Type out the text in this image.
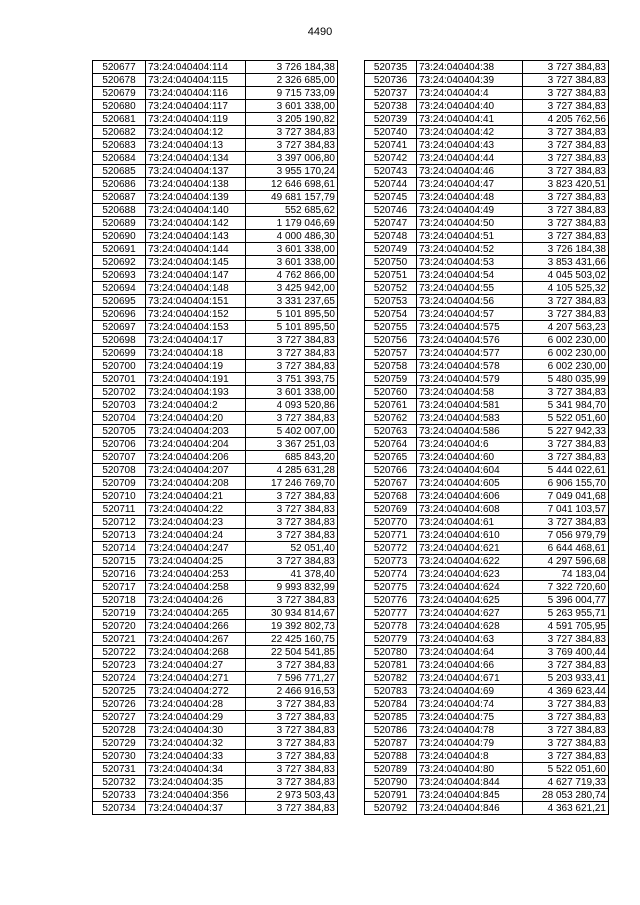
4490
520677	73:24:040404:114	3 726 184,38
520678	73:24:040404:115	2 326 685,00
520679	73:24:040404:116	9 715 733,09
520680	73:24:040404:117	3 601 338,00
520681	73:24:040404:119	3 205 190,82
520682	73:24:040404:12	3 727 384,83
520683	73:24:040404:13	3 727 384,83
520684	73:24:040404:134	3 397 006,80
520685	73:24:040404:137	3 955 170,24
520686	73:24:040404:138	12 646 698,61
520687	73:24:040404:139	49 681 157,79
520688	73:24:040404:140	552 685,62
520689	73:24:040404:142	1 179 046,69
520690	73:24:040404:143	4 000 486,30
520691	73:24:040404:144	3 601 338,00
520692	73:24:040404:145	3 601 338,00
520693	73:24:040404:147	4 762 866,00
520694	73:24:040404:148	3 425 942,00
520695	73:24:040404:151	3 331 237,65
520696	73:24:040404:152	5 101 895,50
520697	73:24:040404:153	5 101 895,50
520698	73:24:040404:17	3 727 384,83
520699	73:24:040404:18	3 727 384,83
520700	73:24:040404:19	3 727 384,83
520701	73:24:040404:191	3 751 393,75
520702	73:24:040404:193	3 601 338,00
520703	73:24:040404:2	4 093 520,86
520704	73:24:040404:20	3 727 384,83
520705	73:24:040404:203	5 402 007,00
520706	73:24:040404:204	3 367 251,03
520707	73:24:040404:206	685 843,20
520708	73:24:040404:207	4 285 631,28
520709	73:24:040404:208	17 246 769,70
520710	73:24:040404:21	3 727 384,83
520711	73:24:040404:22	3 727 384,83
520712	73:24:040404:23	3 727 384,83
520713	73:24:040404:24	3 727 384,83
520714	73:24:040404:247	52 051,40
520715	73:24:040404:25	3 727 384,83
520716	73:24:040404:253	41 378,40
520717	73:24:040404:258	9 993 832,99
520718	73:24:040404:26	3 727 384,83
520719	73:24:040404:265	30 934 814,67
520720	73:24:040404:266	19 392 802,73
520721	73:24:040404:267	22 425 160,75
520722	73:24:040404:268	22 504 541,85
520723	73:24:040404:27	3 727 384,83
520724	73:24:040404:271	7 596 771,27
520725	73:24:040404:272	2 466 916,53
520726	73:24:040404:28	3 727 384,83
520727	73:24:040404:29	3 727 384,83
520728	73:24:040404:30	3 727 384,83
520729	73:24:040404:32	3 727 384,83
520730	73:24:040404:33	3 727 384,83
520731	73:24:040404:34	3 727 384,83
520732	73:24:040404:35	3 727 384,83
520733	73:24:040404:356	2 973 503,43
520734	73:24:040404:37	3 727 384,83
520735	73:24:040404:38	3 727 384,83
520736	73:24:040404:39	3 727 384,83
520737	73:24:040404:4	3 727 384,83
520738	73:24:040404:40	3 727 384,83
520739	73:24:040404:41	4 205 762,56
520740	73:24:040404:42	3 727 384,83
520741	73:24:040404:43	3 727 384,83
520742	73:24:040404:44	3 727 384,83
520743	73:24:040404:46	3 727 384,83
520744	73:24:040404:47	3 823 420,51
520745	73:24:040404:48	3 727 384,83
520746	73:24:040404:49	3 727 384,83
520747	73:24:040404:50	3 727 384,83
520748	73:24:040404:51	3 727 384,83
520749	73:24:040404:52	3 726 184,38
520750	73:24:040404:53	3 853 431,66
520751	73:24:040404:54	4 045 503,02
520752	73:24:040404:55	4 105 525,32
520753	73:24:040404:56	3 727 384,83
520754	73:24:040404:57	3 727 384,83
520755	73:24:040404:575	4 207 563,23
520756	73:24:040404:576	6 002 230,00
520757	73:24:040404:577	6 002 230,00
520758	73:24:040404:578	6 002 230,00
520759	73:24:040404:579	5 480 035,99
520760	73:24:040404:58	3 727 384,83
520761	73:24:040404:581	5 341 984,70
520762	73:24:040404:583	5 522 051,60
520763	73:24:040404:586	5 227 942,33
520764	73:24:040404:6	3 727 384,83
520765	73:24:040404:60	3 727 384,83
520766	73:24:040404:604	5 444 022,61
520767	73:24:040404:605	6 906 155,70
520768	73:24:040404:606	7 049 041,68
520769	73:24:040404:608	7 041 103,57
520770	73:24:040404:61	3 727 384,83
520771	73:24:040404:610	7 056 979,79
520772	73:24:040404:621	6 644 468,61
520773	73:24:040404:622	4 297 596,68
520774	73:24:040404:623	74 183,04
520775	73:24:040404:624	7 322 720,60
520776	73:24:040404:625	5 396 004,77
520777	73:24:040404:627	5 263 955,71
520778	73:24:040404:628	4 591 705,95
520779	73:24:040404:63	3 727 384,83
520780	73:24:040404:64	3 769 400,44
520781	73:24:040404:66	3 727 384,83
520782	73:24:040404:671	5 203 933,41
520783	73:24:040404:69	4 369 623,44
520784	73:24:040404:74	3 727 384,83
520785	73:24:040404:75	3 727 384,83
520786	73:24:040404:78	3 727 384,83
520787	73:24:040404:79	3 727 384,83
520788	73:24:040404:8	3 727 384,83
520789	73:24:040404:80	5 522 051,60
520790	73:24:040404:844	4 627 719,33
520791	73:24:040404:845	28 053 280,74
520792	73:24:040404:846	4 363 621,21
